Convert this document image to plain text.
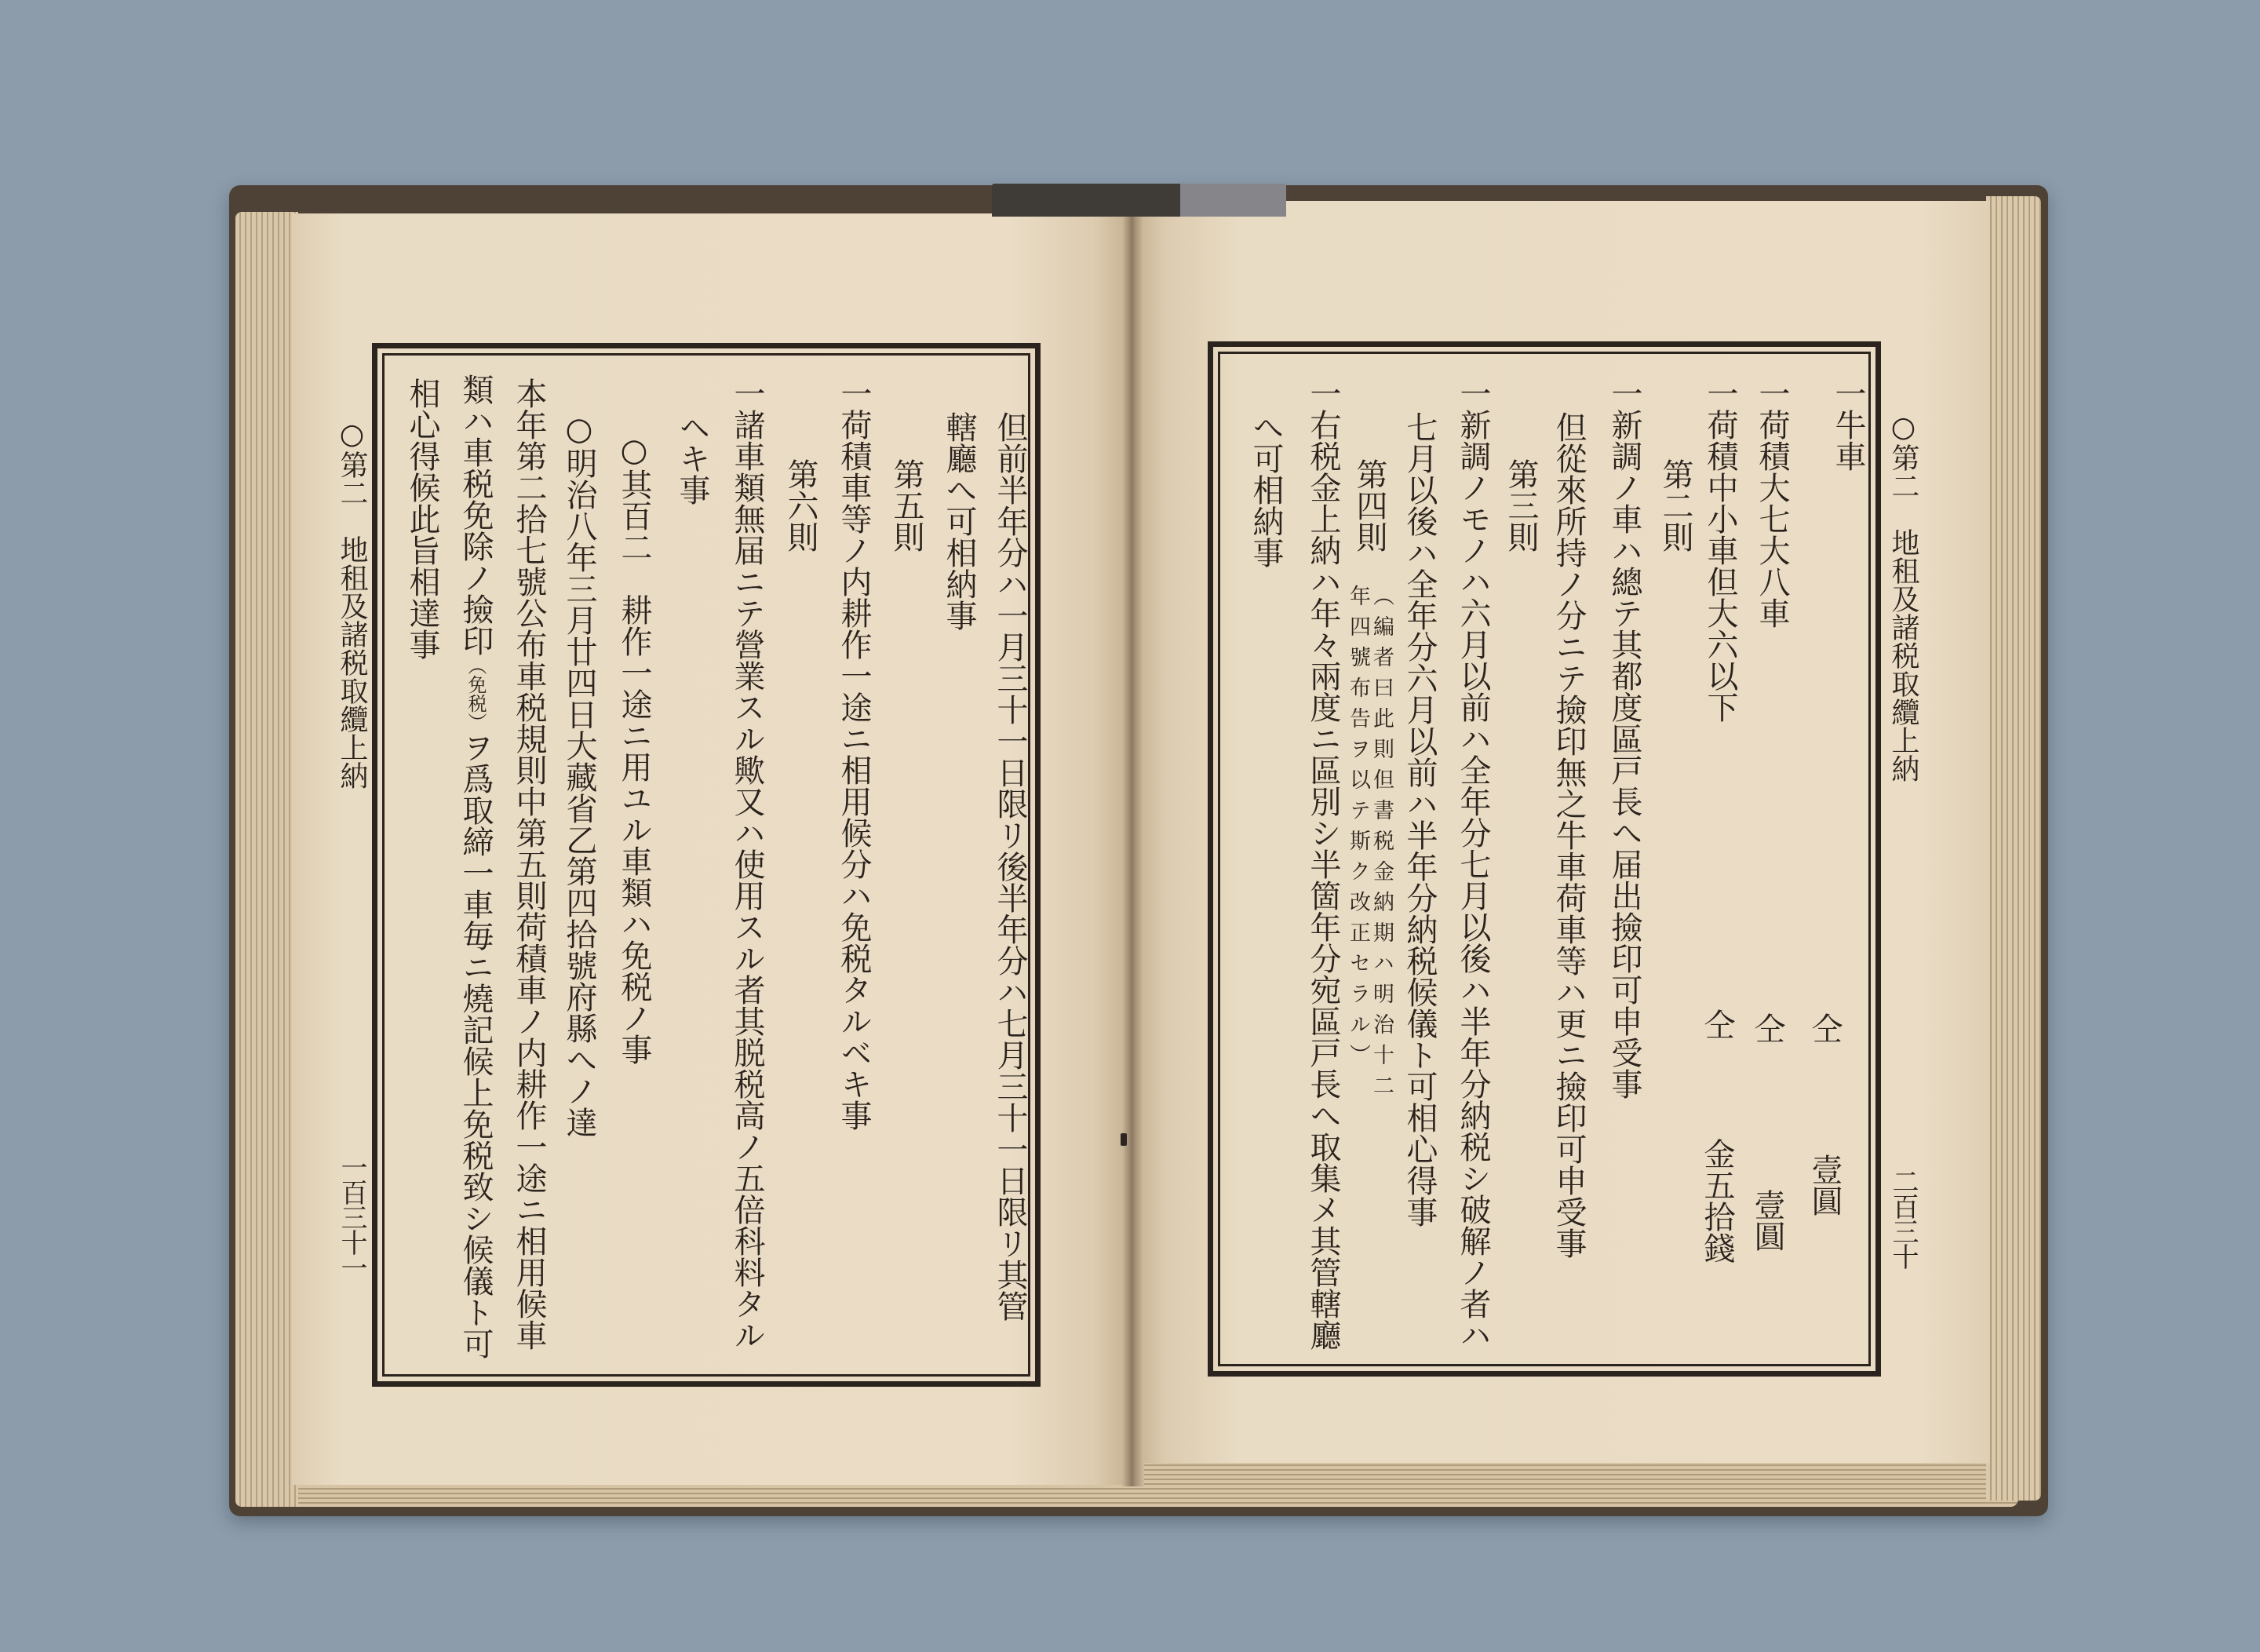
○第二　地租及諸税取纜上納
一百三十一	但前半年分ハ一月三十一日限リ後半年分ハ七月三十一日限リ其管
轄廳へ可相納事
第五則
一荷積車等ノ内耕作一途ニ相用候分ハ免税タルベキ事
第六則
一諸車類無届ニテ營業スル歟又ハ使用スル者其脱税高ノ五倍科料タル
ヘキ事
○其百二　耕作一途ニ用ユル車類ハ免税ノ事
○明治八年三月廿四日大藏省乙第四拾號府縣へノ達
本年第二拾七號公布車税規則中第五則荷積車ノ内耕作一途ニ相用候車
類ハ車税免除ノ撿印（免税）ヲ爲取締一車毎ニ燒記候上免税致シ候儀ト可
相心得候此旨相達事	○第二　地租及諸税取纜上納
二百三十
一牛車
仝
壹圓
一荷積大七大八車
仝
壹圓
一荷積中小車但大六以下
仝
金五拾錢
第二則
一新調ノ車ハ總テ其都度區戸長へ届出撿印可申受事
但從來所持ノ分ニテ撿印無之牛車荷車等ハ更ニ撿印可申受事
第三則
一新調ノモノハ六月以前ハ全年分七月以後ハ半年分納税シ破解ノ者ハ
七月以後ハ全年分六月以前ハ半年分納税候儀ト可相心得事
第四則
（編者曰此則但書税金納期ハ明治十二
年四號布告ヲ以テ斯ク改正セラル）
一右税金上納ハ年々兩度ニ區別シ半箇年分宛區戸長へ取集メ其管轄廳
へ可相納事
